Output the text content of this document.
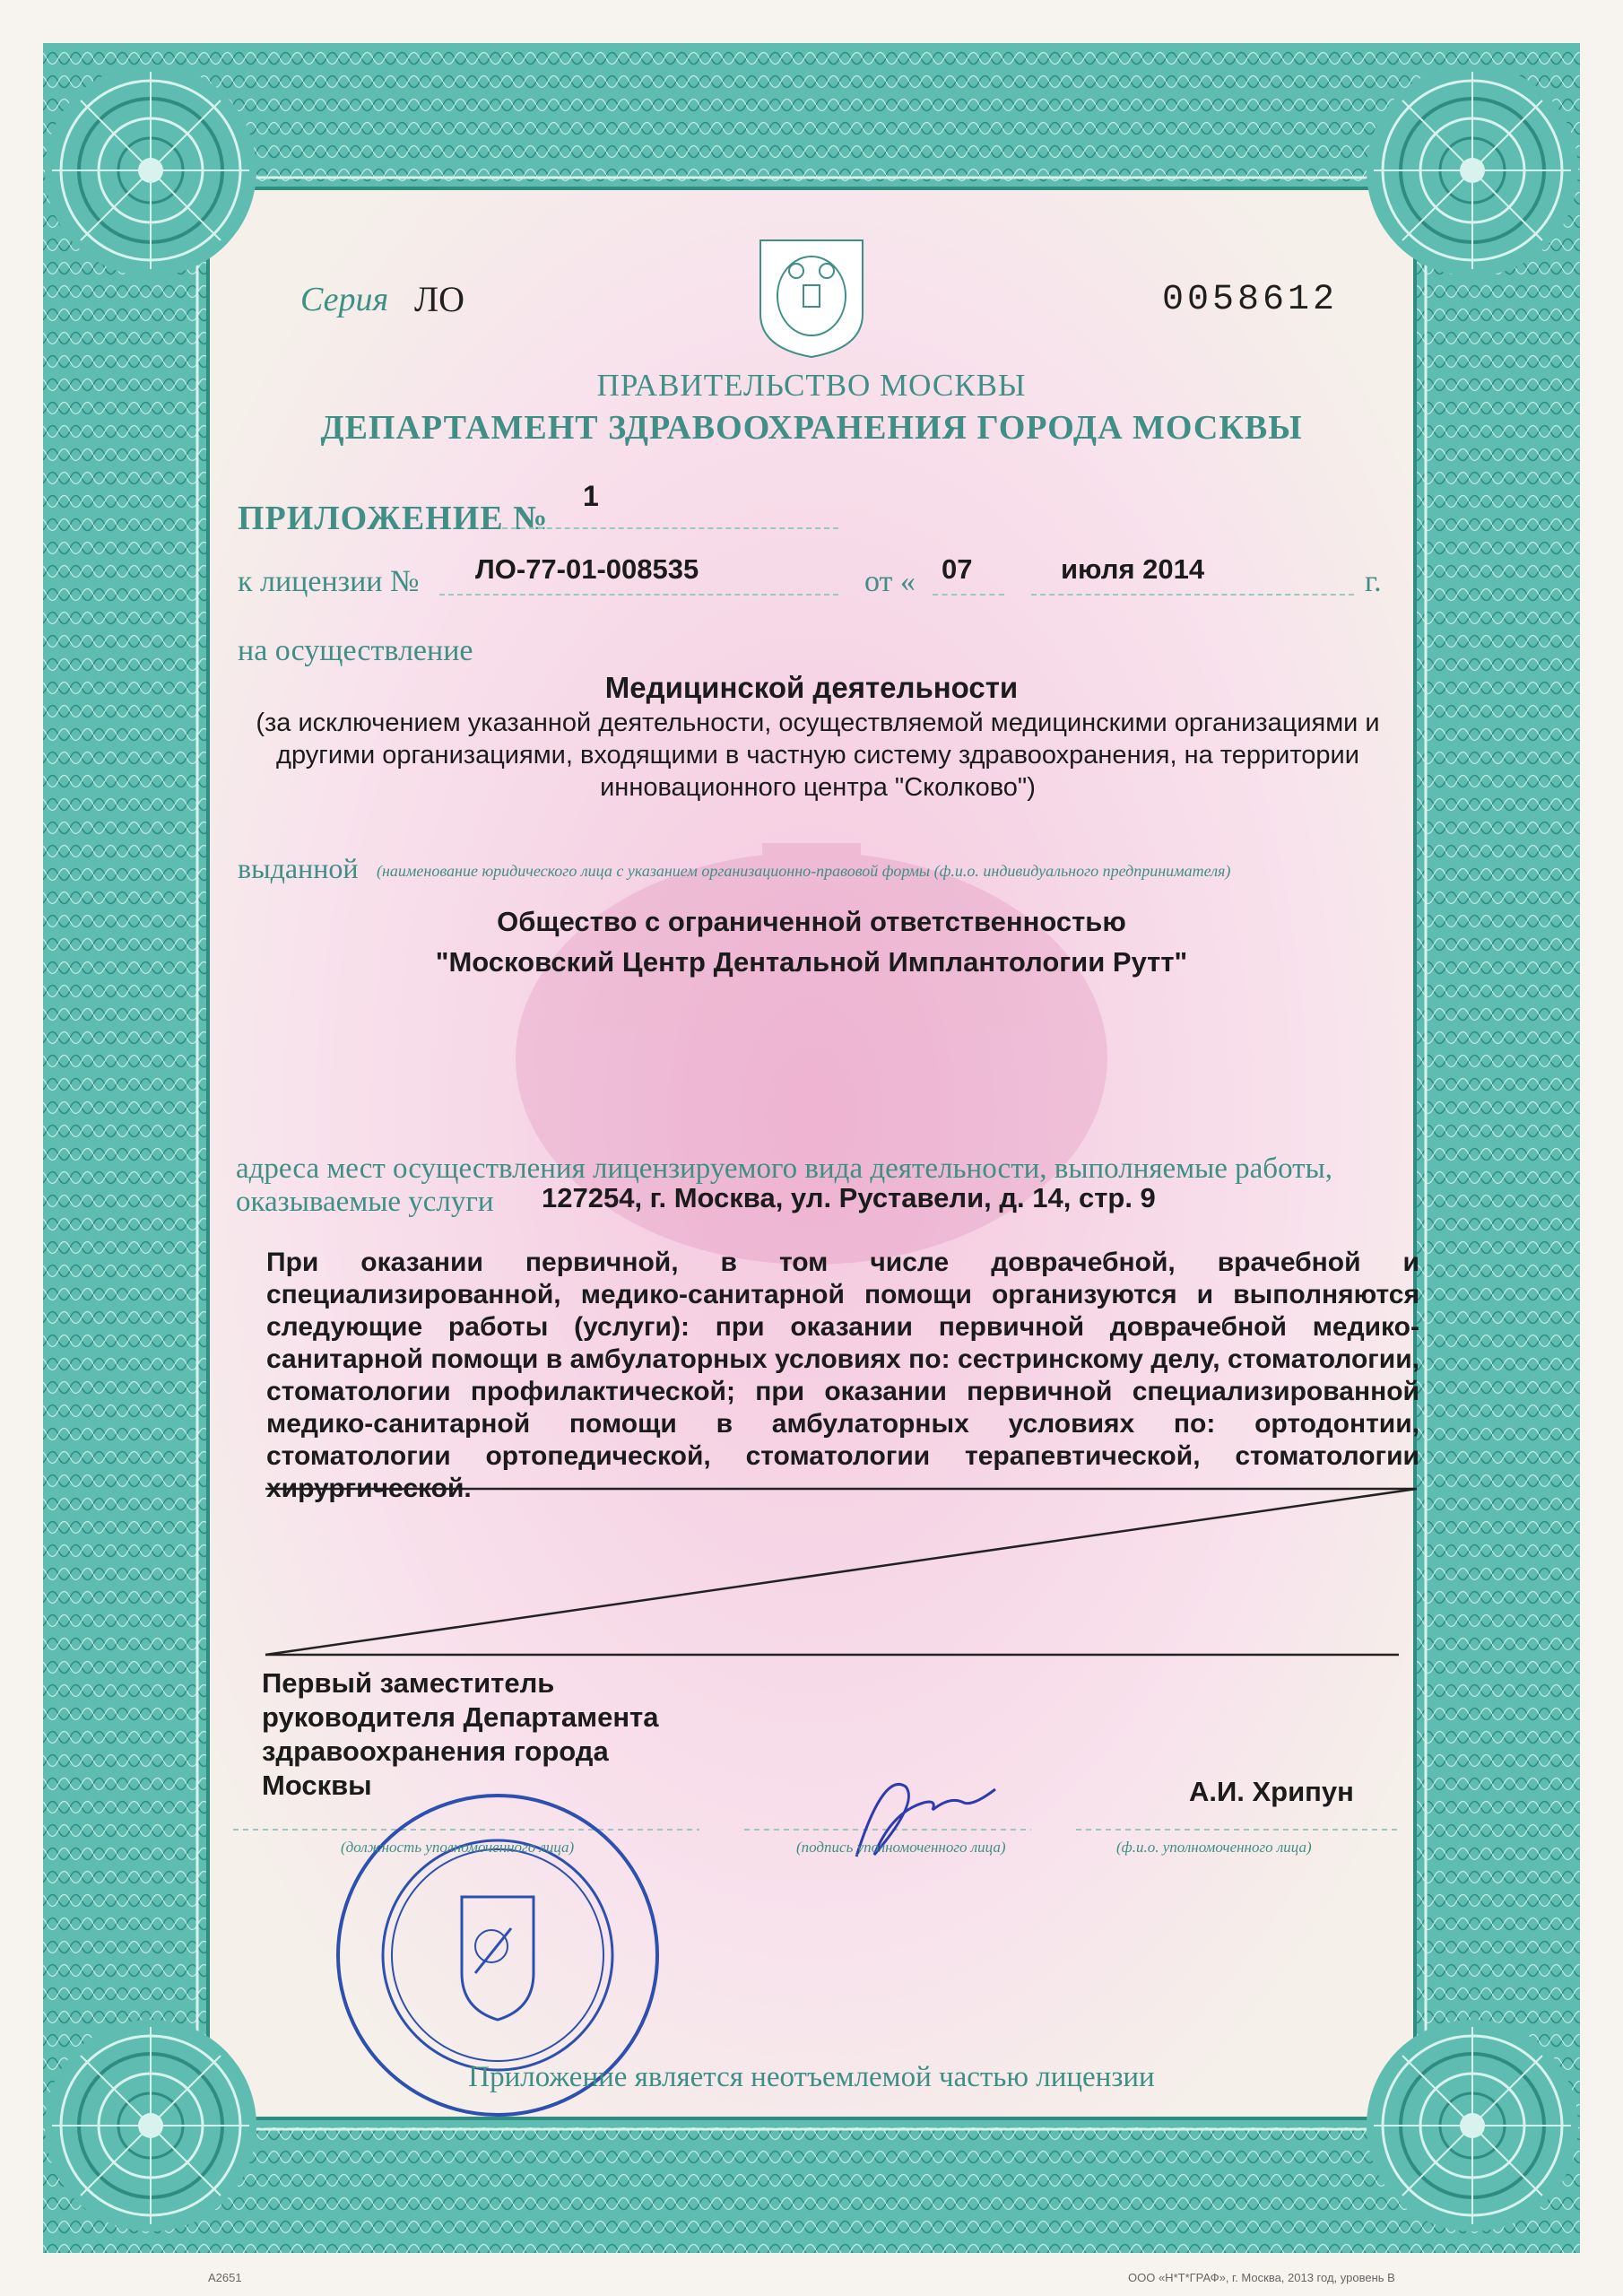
Серия ЛО	0058612
ПРАВИТЕЛЬСТВО МОСКВЫ
ДЕПАРТАМЕНТ ЗДРАВООХРАНЕНИЯ ГОРОДА МОСКВЫ
ПРИЛОЖЕНИЕ №
1
к лицензии № ЛО-77-01-008535	от « 07	июля 2014	г.
на осуществление
Медицинской деятельности
(за исключением указанной деятельности, осуществляемой медицинскими организациями и другими организациями, входящими в частную систему здравоохранения, на территории инновационного центра "Сколково")
выданной (наименование юридического лица с указанием организационно-правовой формы (ф.и.о. индивидуального предпринимателя)
Общество с ограниченной ответственностью
"Московский Центр Дентальной Имплантологии Рутт"
адреса мест осуществления лицензируемого вида деятельности, выполняемые работы,
оказываемые услуги 127254, г. Москва, ул. Руставели, д. 14, стр. 9
При оказании первичной, в том числе доврачебной, врачебной и специализированной, медико-санитарной помощи организуются и выполняются следующие работы (услуги): при оказании первичной доврачебной медико-санитарной помощи в амбулаторных условиях по: сестринскому делу, стоматологии, стоматологии профилактической; при оказании первичной специализированной медико-санитарной помощи в амбулаторных условиях по: ортодонтии, стоматологии ортопедической, стоматологии терапевтической, стоматологии хирургической.
Первый заместитель
руководителя Департамента
здравоохранения города
Москвы	А.И. Хрипун
(должность уполномоченного лица)	(подпись уполномоченного лица)	(ф.и.о. уполномоченного лица)
Приложение является неотъемлемой частью лицензии
А2651	ООО «Н*Т*ГРАФ», г. Москва, 2013 год, уровень В
